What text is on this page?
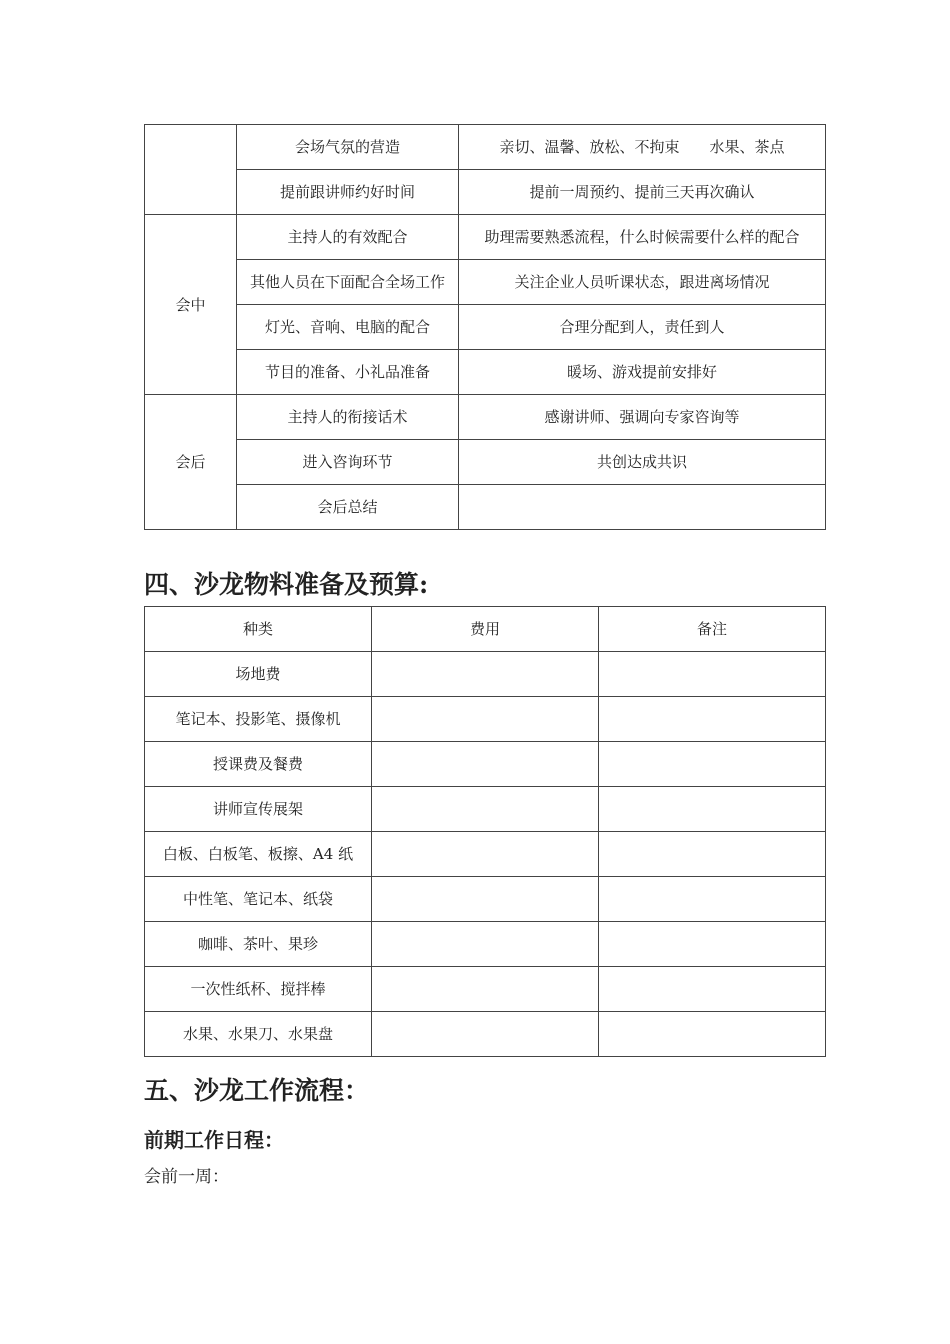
	会场气氛的营造	亲切、温馨、放松、不拘束　　水果、茶点
	提前跟讲师约好时间	提前一周预约、提前三天再次确认
会中	主持人的有效配合	助理需要熟悉流程，什么时候需要什么样的配合

	其他人员在下面配合全场工作	关注企业人员听课状态，跟进离场情况
	灯光、音响、电脑的配合	合理分配到人，责任到人
	节目的准备、小礼品准备	暖场、游戏提前安排好
会后	主持人的衔接话术	感谢讲师、强调向专家咨询等
	进入咨询环节	共创达成共识
	会后总结	
四、沙龙物料准备及预算:
种类	费用	备注
场地费		
笔记本、投影笔、摄像机		
授课费及餐费		
讲师宣传展架		
白板、白板笔、板擦、A4 纸		
中性笔、笔记本、纸袋		
咖啡、茶叶、果珍		
一次性纸杯、搅拌棒		
水果、水果刀、水果盘		
五、沙龙工作流程：
前期工作日程：

会前一周：
